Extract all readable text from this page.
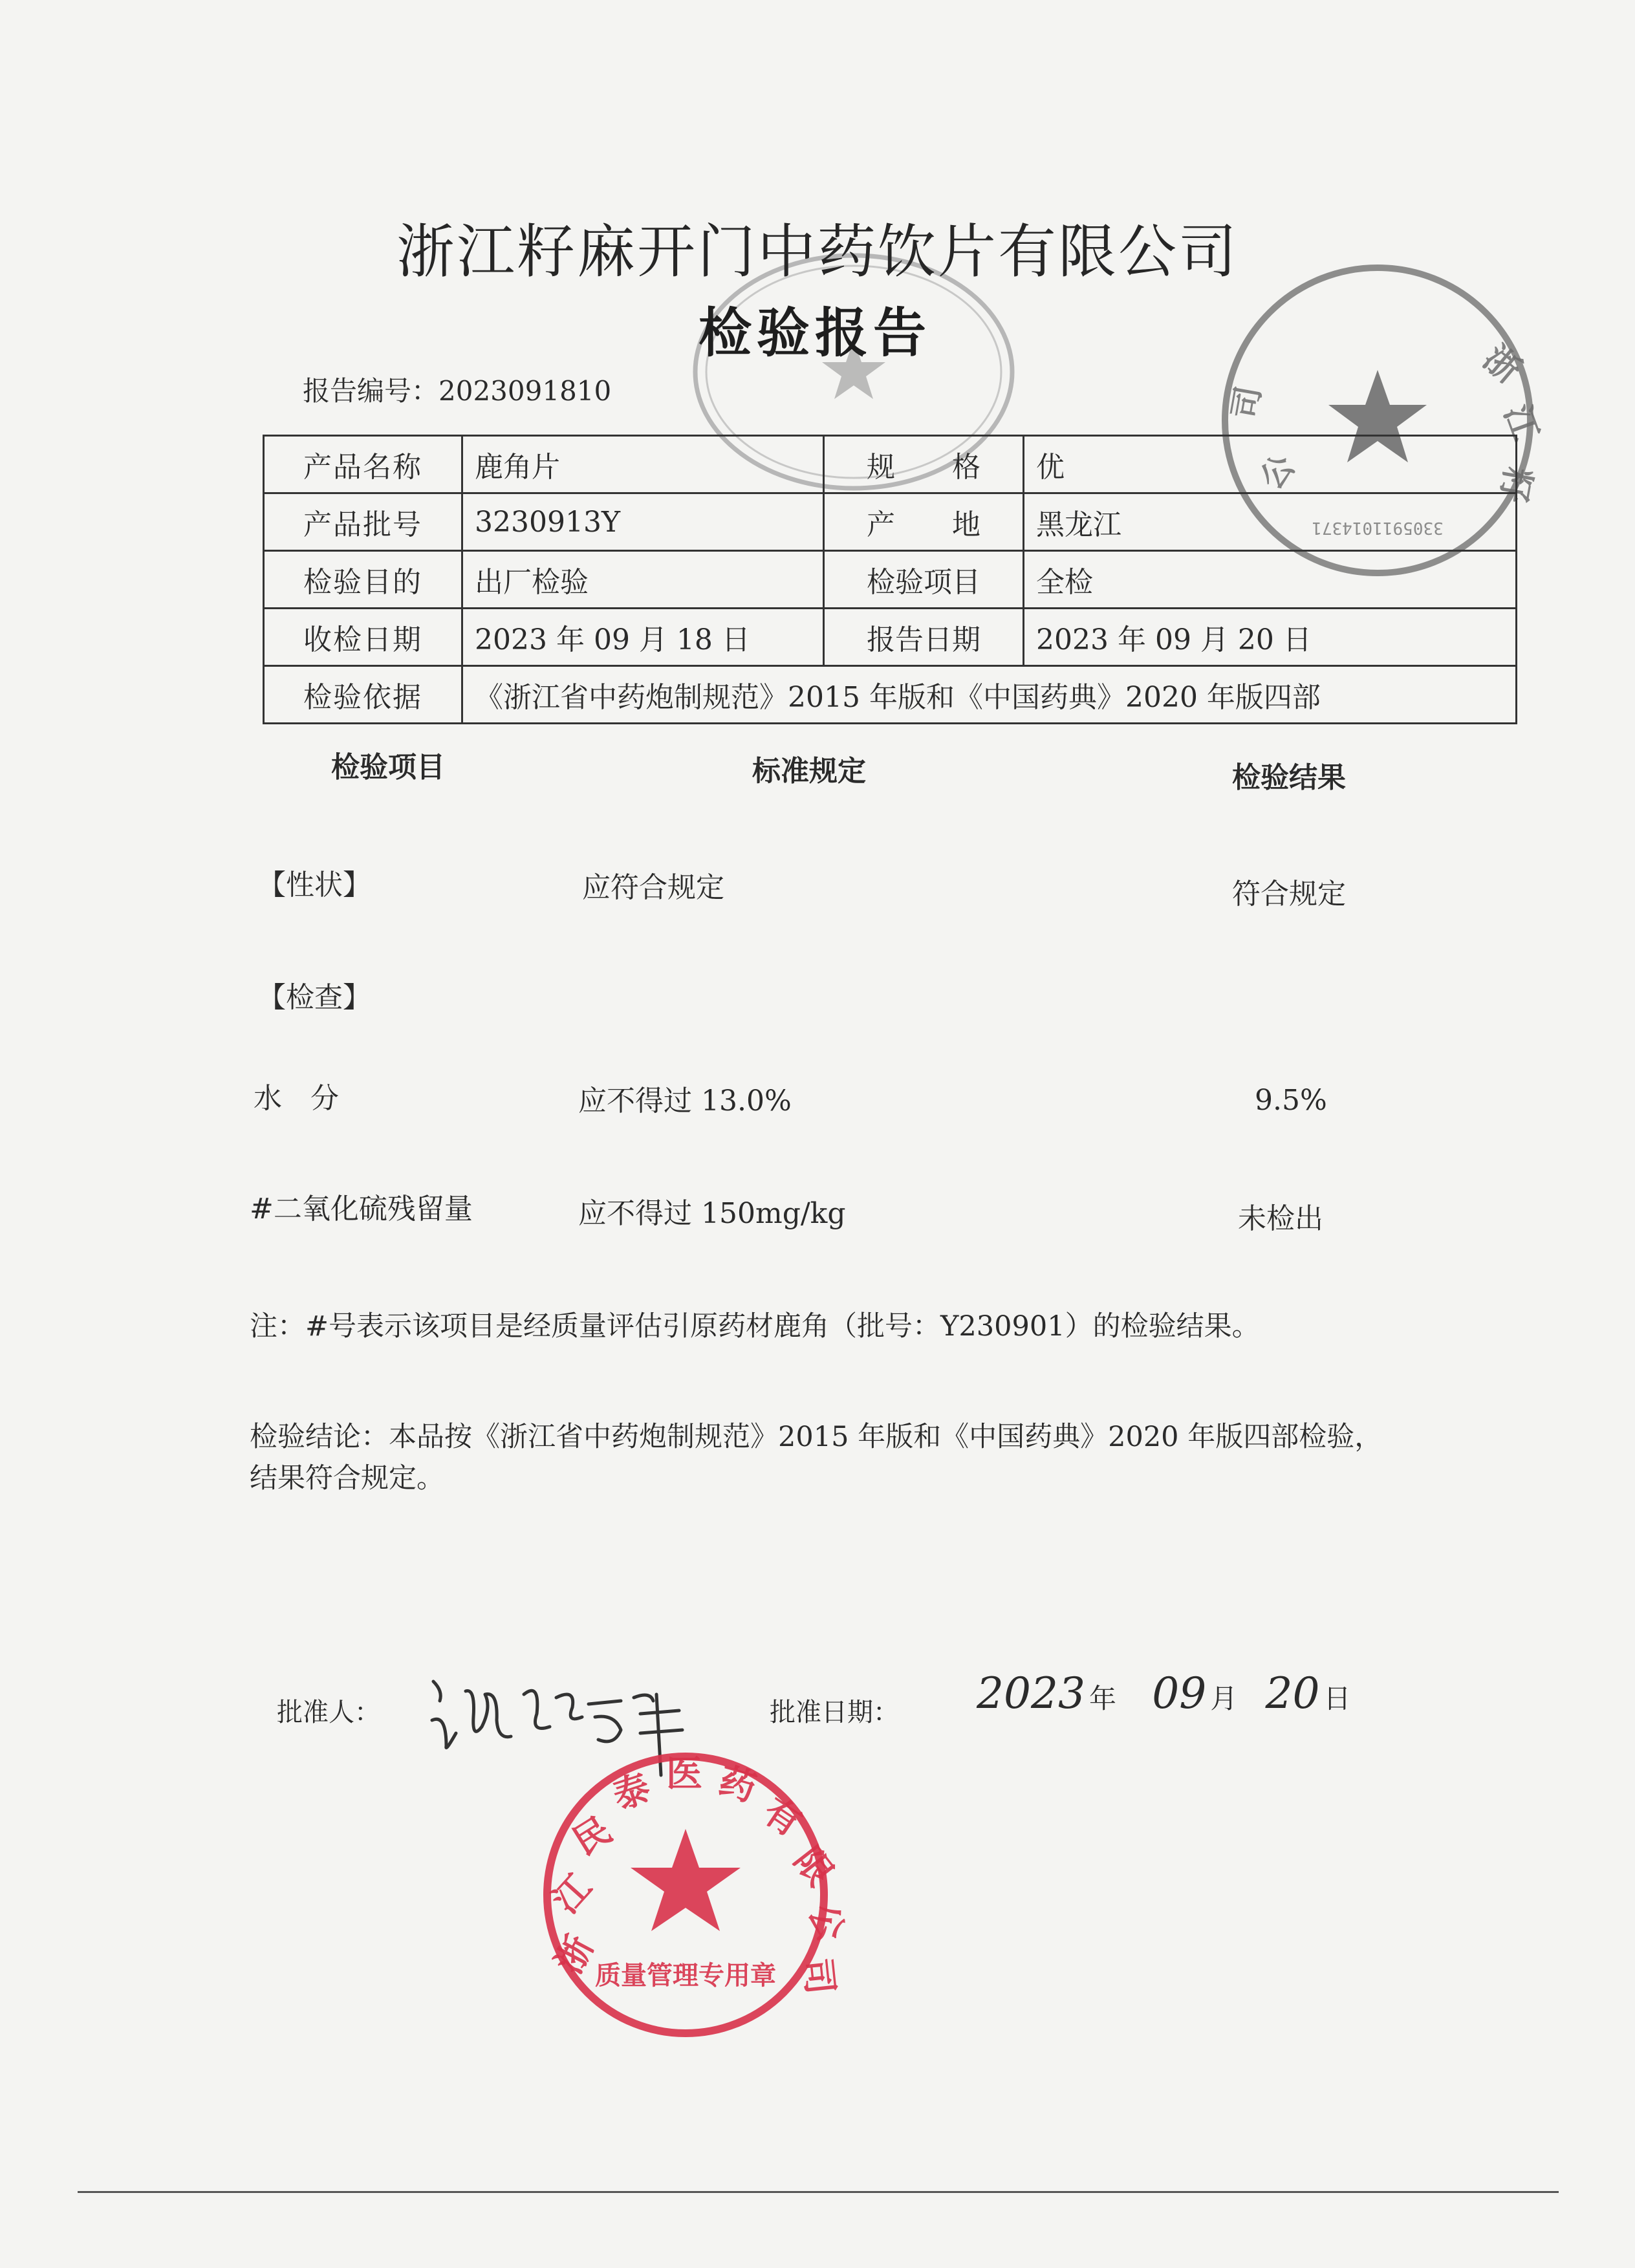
3305911014371
浙
江
籽
司
公
浙江籽麻开门中药饮片有限公司
检验报告
报告编号：2023091810
产品名称	鹿角片	规　　格	优
产品批号	3230913Y	产　　地	黑龙江
检验目的	出厂检验	检验项目	全检
收检日期	2023 年 09 月 18 日	报告日期	2023 年 09 月 20 日
检验依据	《浙江省中药炮制规范》2015 年版和《中国药典》2020 年版四部		
检验项目	标准规定	检验结果
【性状】	应符合规定	符合规定
【检查】
水　分	应不得过 13.0%	9.5%
#二氧化硫残留量	应不得过 150mg/kg	未检出
注：#号表示该项目是经质量评估引原药材鹿角（批号：Y230901）的检验结果。
检验结论：本品按《浙江省中药炮制规范》2015 年版和《中国药典》2020 年版四部检验，
结果符合规定。
批准人：	批准日期： 2023 年 09 月 20 日
浙
江
民
泰 医 药
有
限
公
司
质量管理专用章
